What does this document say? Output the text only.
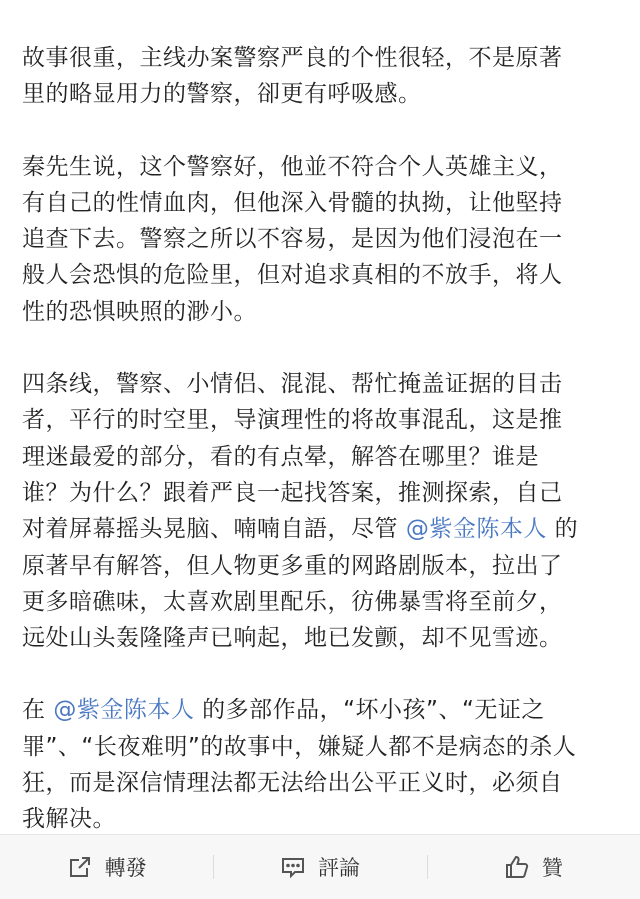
故事很重，主线办案警察严良的个性很轻，不是原著
里的略显用力的警察，卻更有呼吸感。

秦先生说，这个警察好，他並不符合个人英雄主义，
有自己的性情血肉，但他深入骨髓的执拗，让他堅持
追查下去。警察之所以不容易，是因为他们浸泡在一
般人会恐惧的危险里，但对追求真相的不放手，将人
性的恐惧映照的渺小。

四条线，警察、小情侣、混混、帮忙掩盖证据的目击
者，平行的时空里，导演理性的将故事混乱，这是推
理迷最爱的部分，看的有点晕，解答在哪里？谁是
谁？为什么？跟着严良一起找答案，推测探索，自己
对着屏幕摇头晃脑、喃喃自語，尽管 @紫金陈本人 的
原著早有解答，但人物更多重的网路剧版本，拉出了
更多暗礁味，太喜欢剧里配乐，彷佛暴雪将至前夕，
远处山头轰隆隆声已响起，地已发颤，却不见雪迹。

在 @紫金陈本人 的多部作品，“坏小孩”、“无证之
罪”、“长夜难明”的故事中，嫌疑人都不是病态的杀人
狂，而是深信情理法都无法给出公平正义时，必须自
我解决。

轉發	評論	贊
